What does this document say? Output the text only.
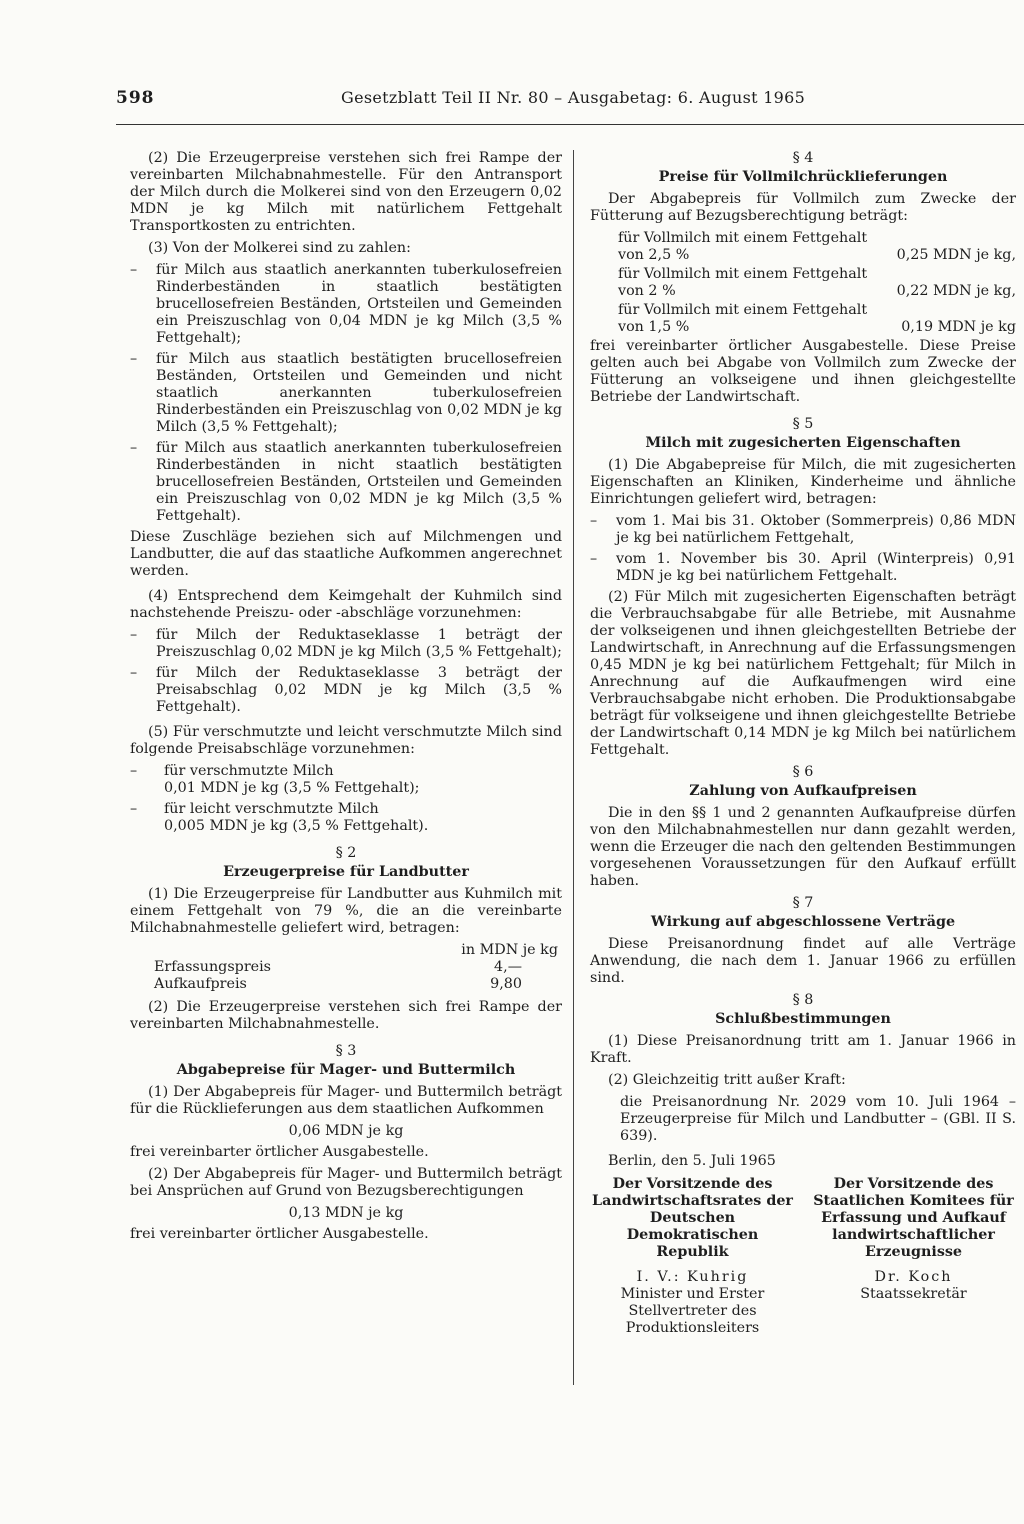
598	Gesetzblatt Teil II Nr. 80 – Ausgabetag: 6. August 1965

(2) Die Erzeugerpreise verstehen sich frei Rampe der vereinbarten Milchabnahmestelle. Für den Antransport der Milch durch die Molkerei sind von den Erzeugern 0,02 MDN je kg Milch mit natürlichem Fettgehalt Transportkosten zu entrichten.

(3) Von der Molkerei sind zu zahlen:

– für Milch aus staatlich anerkannten tuberkulosefreien Rinderbeständen in staatlich bestätigten brucellosefreien Beständen, Ortsteilen und Gemeinden ein Preiszuschlag von 0,04 MDN je kg Milch (3,5 % Fettgehalt);
– für Milch aus staatlich bestätigten brucellosefreien Beständen, Ortsteilen und Gemeinden und nicht staatlich anerkannten tuberkulosefreien Rinderbeständen ein Preiszuschlag von 0,02 MDN je kg Milch (3,5 % Fettgehalt);
– für Milch aus staatlich anerkannten tuberkulosefreien Rinderbeständen in nicht staatlich bestätigten brucellosefreien Beständen, Ortsteilen und Gemeinden ein Preiszuschlag von 0,02 MDN je kg Milch (3,5 % Fettgehalt).

Diese Zuschläge beziehen sich auf Milchmengen und Landbutter, die auf das staatliche Aufkommen angerechnet werden.

(4) Entsprechend dem Keimgehalt der Kuhmilch sind nachstehende Preiszu- oder -abschläge vorzunehmen:

– für Milch der Reduktaseklasse 1 beträgt der Preiszuschlag 0,02 MDN je kg Milch (3,5 % Fettgehalt);
– für Milch der Reduktaseklasse 3 beträgt der Preisabschlag 0,02 MDN je kg Milch (3,5 % Fettgehalt).

(5) Für verschmutzte und leicht verschmutzte Milch sind folgende Preisabschläge vorzunehmen:

– für verschmutzte Milch
0,01 MDN je kg (3,5 % Fettgehalt);
– für leicht verschmutzte Milch
0,005 MDN je kg (3,5 % Fettgehalt).
§ 2
Erzeugerpreise für Landbutter

(1) Die Erzeugerpreise für Landbutter aus Kuhmilch mit einem Fettgehalt von 79 %, die an die vereinbarte Milchabnahmestelle geliefert wird, betragen:

in MDN je kg
Erfassungspreis	4,—
Aufkaufpreis	9,80

(2) Die Erzeugerpreise verstehen sich frei Rampe der vereinbarten Milchabnahmestelle.

§ 3
Abgabepreise für Mager- und Buttermilch

(1) Der Abgabepreis für Mager- und Buttermilch beträgt für die Rücklieferungen aus dem staatlichen Aufkommen

0,06 MDN je kg

frei vereinbarter örtlicher Ausgabestelle.

(2) Der Abgabepreis für Mager- und Buttermilch beträgt bei Ansprüchen auf Grund von Bezugsberechtigungen

0,13 MDN je kg

frei vereinbarter örtlicher Ausgabestelle.

§ 4
Preise für Vollmilchrücklieferungen

Der Abgabepreis für Vollmilch zum Zwecke der Fütterung auf Bezugsberechtigung beträgt:

für Vollmilch mit einem Fettgehalt
von 2,5 %	0,25 MDN je kg,
für Vollmilch mit einem Fettgehalt
von 2 %	0,22 MDN je kg,
für Vollmilch mit einem Fettgehalt
von 1,5 %	0,19 MDN je kg

frei vereinbarter örtlicher Ausgabestelle. Diese Preise gelten auch bei Abgabe von Vollmilch zum Zwecke der Fütterung an volkseigene und ihnen gleichgestellte Betriebe der Landwirtschaft.

§ 5
Milch mit zugesicherten Eigenschaften

(1) Die Abgabepreise für Milch, die mit zugesicherten Eigenschaften an Kliniken, Kinderheime und ähnliche Einrichtungen geliefert wird, betragen:

– vom 1. Mai bis 31. Oktober (Sommerpreis) 0,86 MDN je kg bei natürlichem Fettgehalt,
– vom 1. November bis 30. April (Winterpreis) 0,91 MDN je kg bei natürlichem Fettgehalt.

(2) Für Milch mit zugesicherten Eigenschaften beträgt die Verbrauchsabgabe für alle Betriebe, mit Ausnahme der volkseigenen und ihnen gleichgestellten Betriebe der Landwirtschaft, in Anrechnung auf die Erfassungsmengen 0,45 MDN je kg bei natürlichem Fettgehalt; für Milch in Anrechnung auf die Aufkaufmengen wird eine Verbrauchsabgabe nicht erhoben. Die Produktionsabgabe beträgt für volkseigene und ihnen gleichgestellte Betriebe der Landwirtschaft 0,14 MDN je kg Milch bei natürlichem Fettgehalt.

§ 6
Zahlung von Aufkaufpreisen

Die in den §§ 1 und 2 genannten Aufkaufpreise dürfen von den Milchabnahmestellen nur dann gezahlt werden, wenn die Erzeuger die nach den geltenden Bestimmungen vorgesehenen Voraussetzungen für den Aufkauf erfüllt haben.

§ 7
Wirkung auf abgeschlossene Verträge

Diese Preisanordnung findet auf alle Verträge Anwendung, die nach dem 1. Januar 1966 zu erfüllen sind.

§ 8
Schlußbestimmungen

(1) Diese Preisanordnung tritt am 1. Januar 1966 in Kraft.

(2) Gleichzeitig tritt außer Kraft:

die Preisanordnung Nr. 2029 vom 10. Juli 1964 – Erzeugerpreise für Milch und Landbutter – (GBl. II S. 639).

Berlin, den 5. Juli 1965

Der Vorsitzende des Landwirtschaftsrates der Deutschen Demokratischen Republik
I. V.: Kuhrig
Minister und Erster Stellvertreter des Produktionsleiters
Der Vorsitzende des Staatlichen Komitees für Erfassung und Aufkauf landwirtschaftlicher Erzeugnisse
Dr. Koch
Staatssekretär
